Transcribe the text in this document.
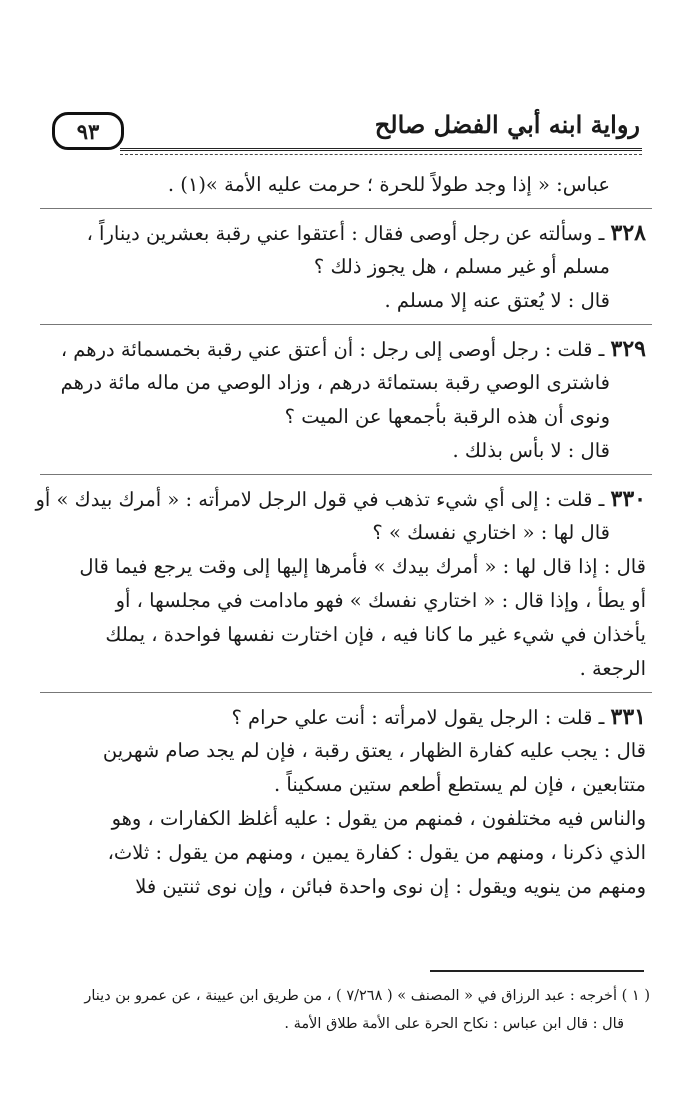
٩٣	رواية ابنه أبي الفضل صالح
عباس: « إذا وجد طولاً للحرة ؛ حرمت عليه الأمة »(١) .
٣٢٨ ـ وسألته عن رجل أوصى فقال : أعتقوا عني رقبة بعشرين ديناراً ،
مسلم أو غير مسلم ، هل يجوز ذلك ؟
قال : لا يُعتق عنه إلا مسلم .
٣٢٩ ـ قلت : رجل أوصى إلى رجل : أن أعتق عني رقبة بخمسمائة درهم ،
فاشترى الوصي رقبة بستمائة درهم ، وزاد الوصي من ماله مائة درهم
ونوى أن هذه الرقبة بأجمعها عن الميت ؟
قال : لا بأس بذلك .
٣٣٠ ـ قلت : إلى أي شيء تذهب في قول الرجل لامرأته : « أمرك بيدك » أو
قال لها : « اختاري نفسك » ؟
قال : إذا قال لها : « أمرك بيدك » فأمرها إليها إلى وقت يرجع فيما قال
أو يطأ ، وإذا قال : « اختاري نفسك » فهو مادامت في مجلسها ، أو
يأخذان في شيء غير ما كانا فيه ، فإن اختارت نفسها فواحدة ، يملك
الرجعة .
٣٣١ ـ قلت : الرجل يقول لامرأته : أنت علي حرام ؟
قال : يجب عليه كفارة الظهار ، يعتق رقبة ، فإن لم يجد صام شهرين
متتابعين ، فإن لم يستطع أطعم ستين مسكيناً .
والناس فيه مختلفون ، فمنهم من يقول : عليه أغلظ الكفارات ، وهو
الذي ذكرنا ، ومنهم من يقول : كفارة يمين ، ومنهم من يقول : ثلاث،
ومنهم من ينويه ويقول : إن نوى واحدة فبائن ، وإن نوى ثنتين فلا
( ١ ) أخرجه : عبد الرزاق في « المصنف » ( ٧/٢٦٨ ) ، من طريق ابن عيينة ، عن عمرو بن دينار
قال : قال ابن عباس : نكاح الحرة على الأمة طلاق الأمة .
